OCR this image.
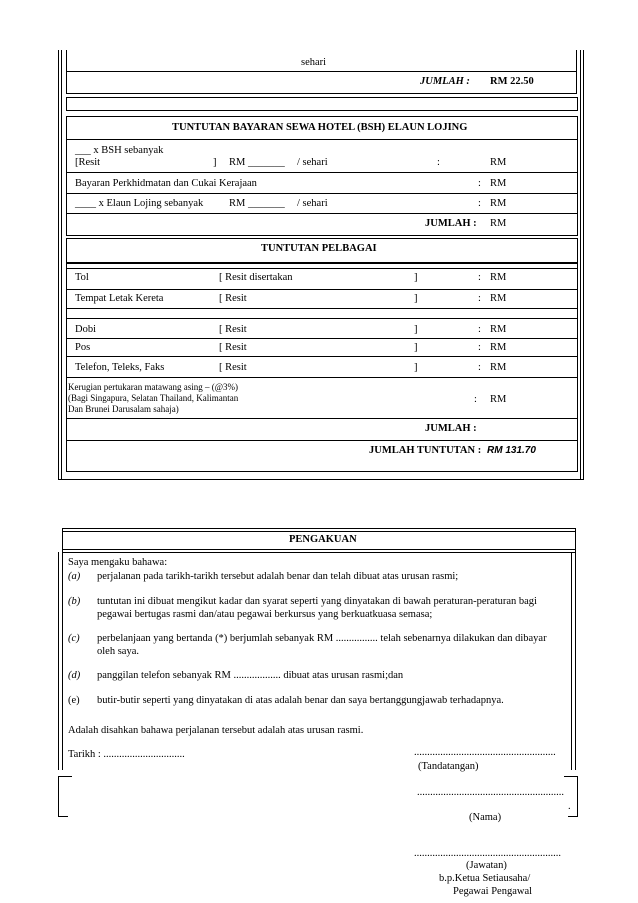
sehari
JUMLAH : RM 22.50
TUNTUTAN BAYARAN SEWA HOTEL (BSH) ELAUN LOJING
___ x BSH sebanyak
[Resit	] RM _______ / sehari	:	RM
Bayaran Perkhidmatan dan Cukai Kerajaan	: RM
____ x Elaun Lojing sebanyak RM _______ / sehari	: RM
JUMLAH : RM
TUNTUTAN PELBAGAI
Tol	[ Resit disertakan	]	: RM
Tempat Letak Kereta	[ Resit	]	: RM
Dobi	[ Resit	]	: RM
Pos	[ Resit	]	: RM
Telefon, Teleks, Faks	[ Resit	]	: RM
Kerugian pertukaran matawang asing – (@3%)
(Bagi Singapura, Selatan Thailand, Kalimantan
Dan Brunei Darusalam sahaja)
: RM
JUMLAH :
JUMLAH TUNTUTAN : RM 131.70
PENGAKUAN
Saya mengaku bahawa:
(a) perjalanan pada tarikh-tarikh tersebut adalah benar dan telah dibuat atas urusan rasmi;
(b) tuntutan ini dibuat mengikut kadar dan syarat seperti yang dinyatakan di bawah peraturan-peraturan bagi
pegawai bertugas rasmi dan/atau pegawai berkursus yang berkuatkuasa semasa;
(c) perbelanjaan yang bertanda (*) berjumlah sebanyak RM ................ telah sebenarnya dilakukan dan dibayar
oleh saya.
(d) panggilan telefon sebanyak RM .................. dibuat atas urusan rasmi;dan
(e) butir-butir seperti yang dinyatakan di atas adalah benar dan saya bertanggungjawab terhadapnya.
Adalah disahkan bahawa perjalanan tersebut adalah atas urusan rasmi.
Tarikh : ...............................	......................................................
(Tandatangan)
........................................................
.
(Nama)
........................................................
(Jawatan)
b.p.Ketua Setiausaha/
Pegawai Pengawal
